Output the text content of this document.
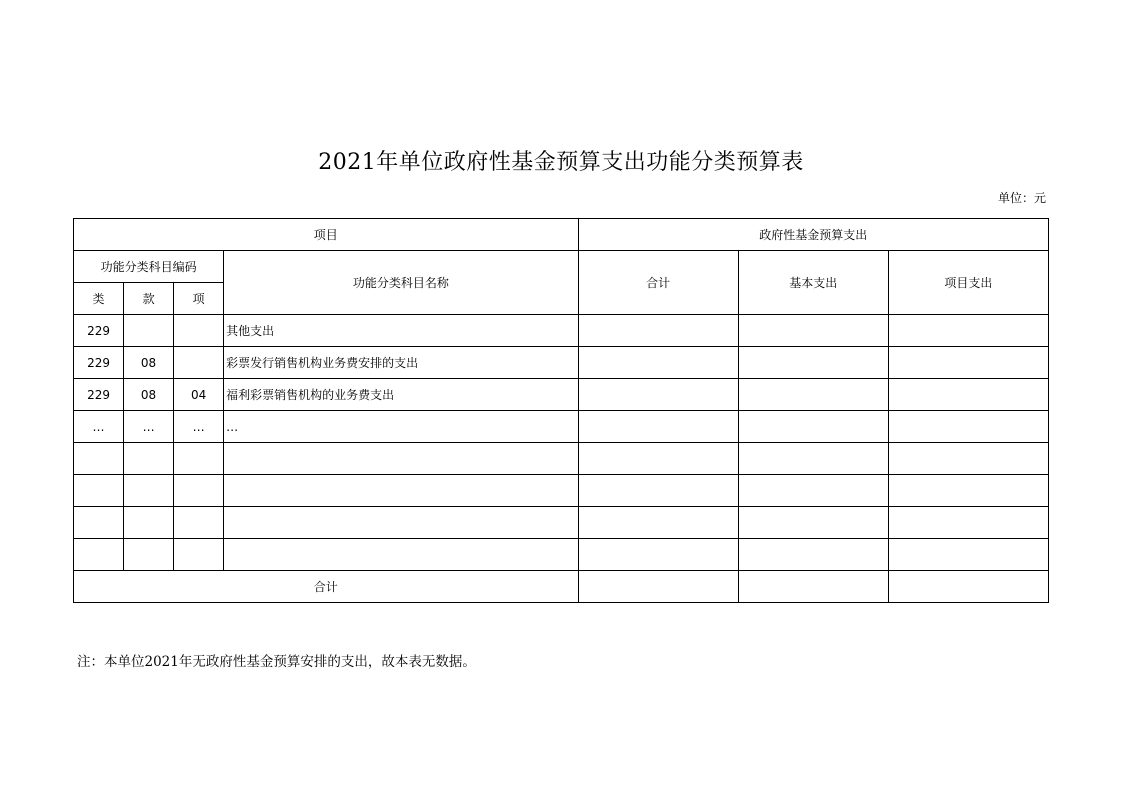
2021年单位政府性基金预算支出功能分类预算表
单位：元
项目				政府性基金预算支出		
功能分类科目编码			功能分类科目名称	合计	基本支出	项目支出
类	款	项				
229			其他支出			
229	08		彩票发行销售机构业务费安排的支出			
229	08	04	福利彩票销售机构的业务费支出			
…	…	…	…			

合计						
注：本单位2021年无政府性基金预算安排的支出，故本表无数据。
